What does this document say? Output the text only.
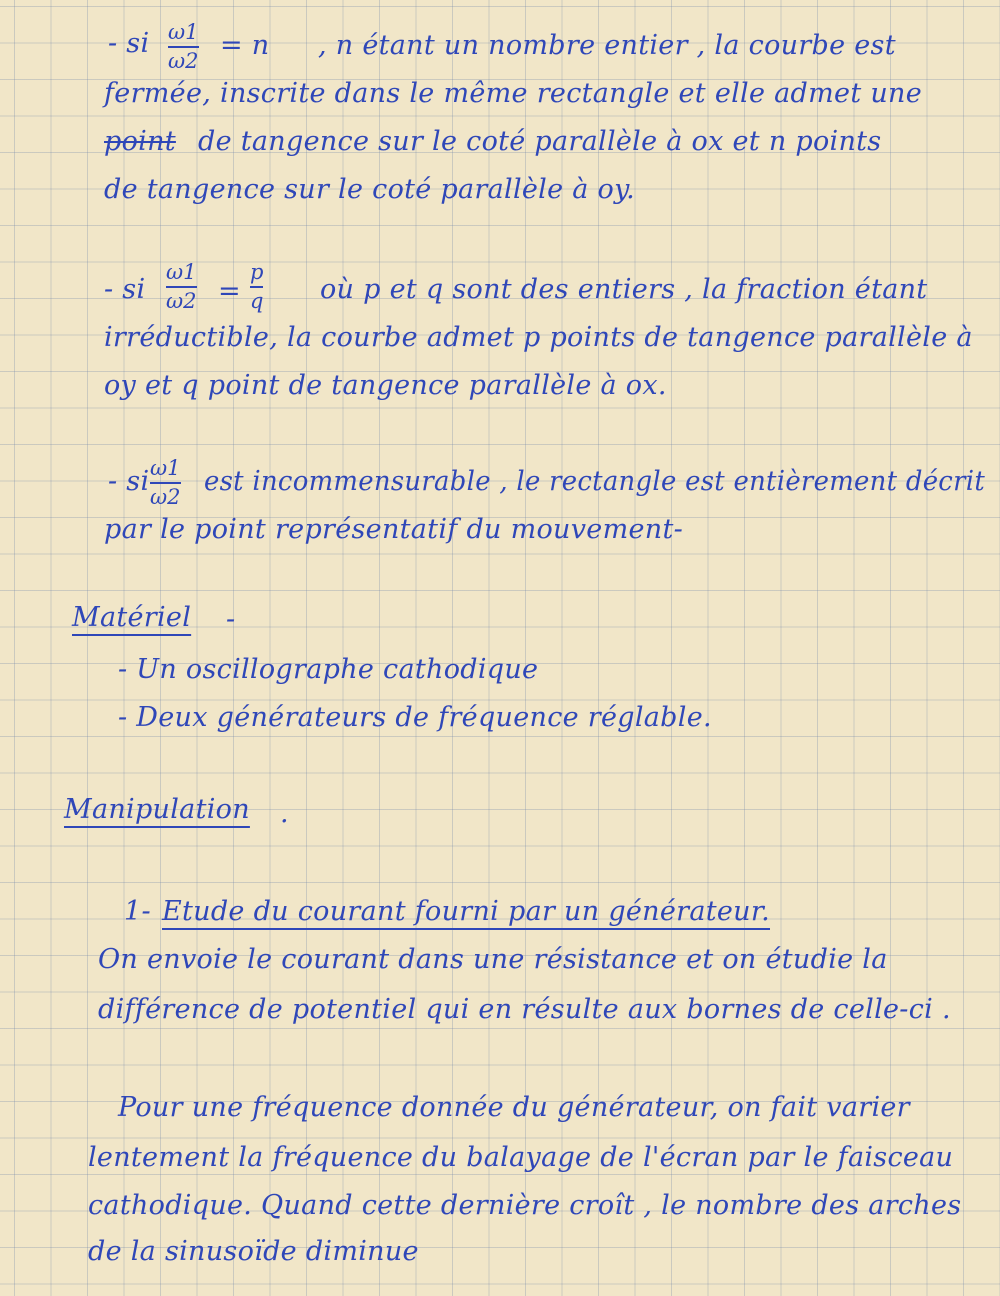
- si ω1
ω2 = n , n étant un nombre entier , la courbe est
fermée, inscrite dans le même rectangle et elle admet une
point de tangence sur le coté parallèle à ox et n points
de tangence sur le coté parallèle à oy.
- si
ω1
ω2 =
p
q où p et q sont des entiers , la fraction étant
irréductible, la courbe admet p points de tangence parallèle à
oy et q point de tangence parallèle à ox.
- si ω1
ω2 est incommensurable , le rectangle est entièrement décrit
par le point représentatif du mouvement-
Matériel -
- Un oscillographe cathodique
- Deux générateurs de fréquence réglable.
Manipulation .
1- Etude du courant fourni par un générateur.
On envoie le courant dans une résistance et on étudie la
différence de potentiel qui en résulte aux bornes de celle-ci .
Pour une fréquence donnée du générateur, on fait varier
lentement la fréquence du balayage de l'écran par le faisceau
cathodique. Quand cette dernière croît , le nombre des arches
de la sinusoïde diminue
